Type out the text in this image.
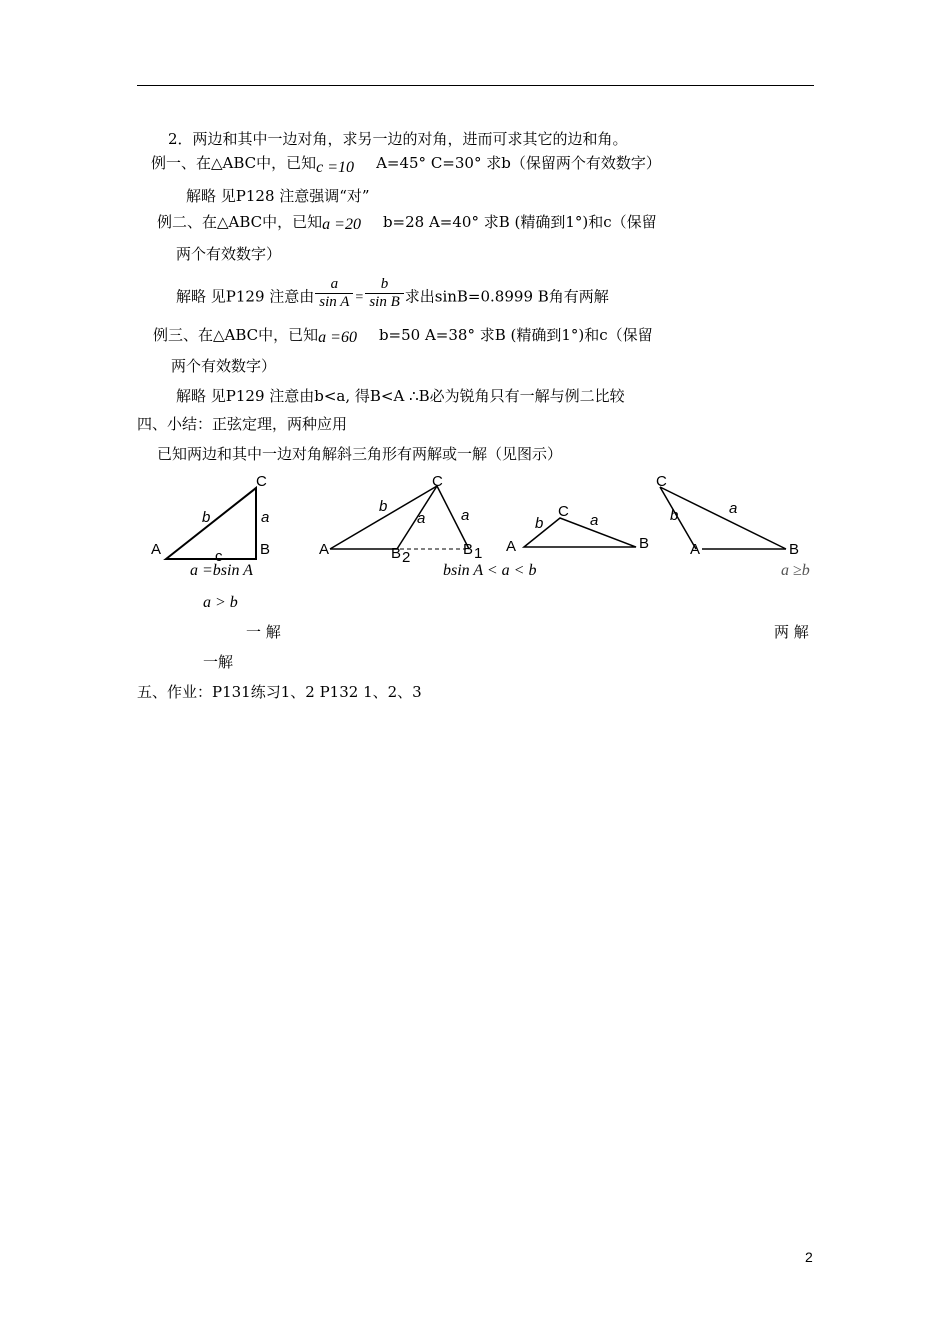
2．两边和其中一边对角，求另一边的对角，进而可求其它的边和角。
例一、在△ABC中，已知c =10 A=45° C=30° 求b（保留两个有效数字）
解略 见P128 注意强调“对”
例二、在△ABC中，已知a =20 b=28 A=40° 求B (精确到1°)和c（保留
两个有效数字）
解略 见P129 注意由 $\frac{a}{\text{sin A}} = \frac{b}{\text{sin B}}$ 求出sinB=0.8999 B角有两解
例三、在△ABC中，已知a =60 b=50 A=38° 求B (精确到1°)和c（保留
两个有效数字）
解略 见P129 注意由b<a, 得B<A ∴B必为锐角只有一解与例二比较
四、小结：正弦定理，两种应用
已知两边和其中一边对角解斜三角形有两解或一解（见图示）
A	B
C
b	a
c	A
C
b
a a
B 2	B 1 A
C
B
b	a
C
A	B
b	a
a =bsin A	bsin A < a < b	a ≥b
a > b
一 解	两 解
一解
五、作业：P131练习1、2 P132 1、2、3
2
